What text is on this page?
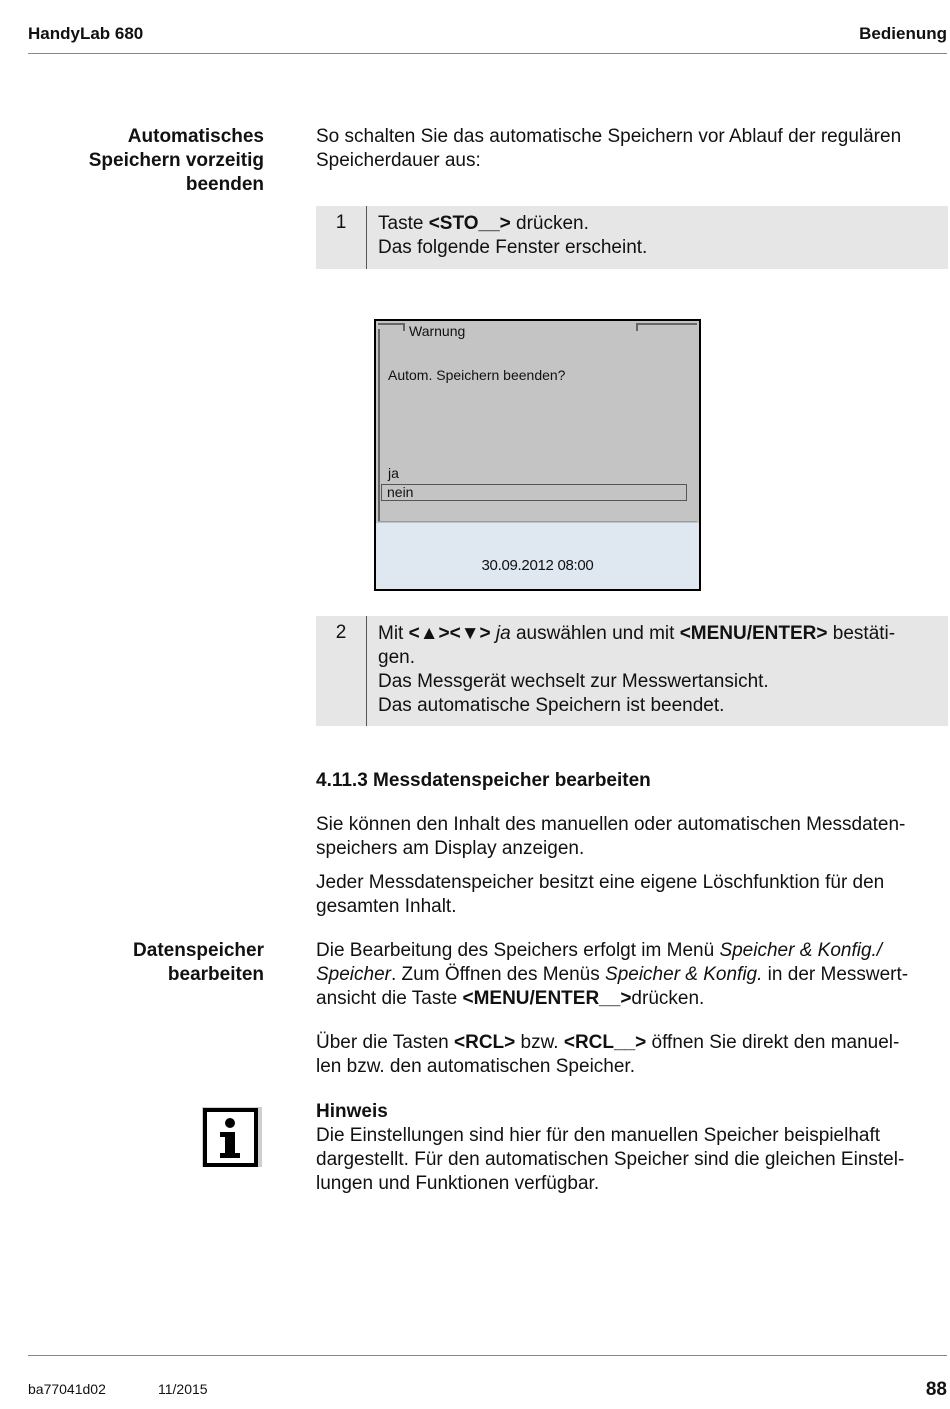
HandyLab 680	Bedienung
Automatisches
Speichern vorzeitig
beenden

So schalten Sie das automatische Speichern vor Ablauf der regulären

Speicherdauer aus:

1	Taste <STO__> drücken.
Das folgende Fenster erscheint.
Warnung
Autom. Speichern beenden?
ja
nein
30.09.2012 08:00
2	Mit <▲><▼> ja auswählen und mit <MENU/ENTER> bestäti-
gen.
Das Messgerät wechselt zur Messwertansicht.
Das automatische Speichern ist beendet.
4.11.3 Messdatenspeicher bearbeiten

Sie können den Inhalt des manuellen oder automatischen Messdaten-

speichers am Display anzeigen.

Jeder Messdatenspeicher besitzt eine eigene Löschfunktion für den

gesamten Inhalt.

Datenspeicher
bearbeiten

Die Bearbeitung des Speichers erfolgt im Menü Speicher & Konfig./

Speicher. Zum Öffnen des Menüs Speicher & Konfig. in der Messwert-

ansicht die Taste <MENU/ENTER__>drücken.

Über die Tasten <RCL> bzw. <RCL__> öffnen Sie direkt den manuel-

len bzw. den automatischen Speicher.

Hinweis

Die Einstellungen sind hier für den manuellen Speicher beispielhaft

dargestellt. Für den automatischen Speicher sind die gleichen Einstel-

lungen und Funktionen verfügbar.

ba77041d02	11/2015	88
